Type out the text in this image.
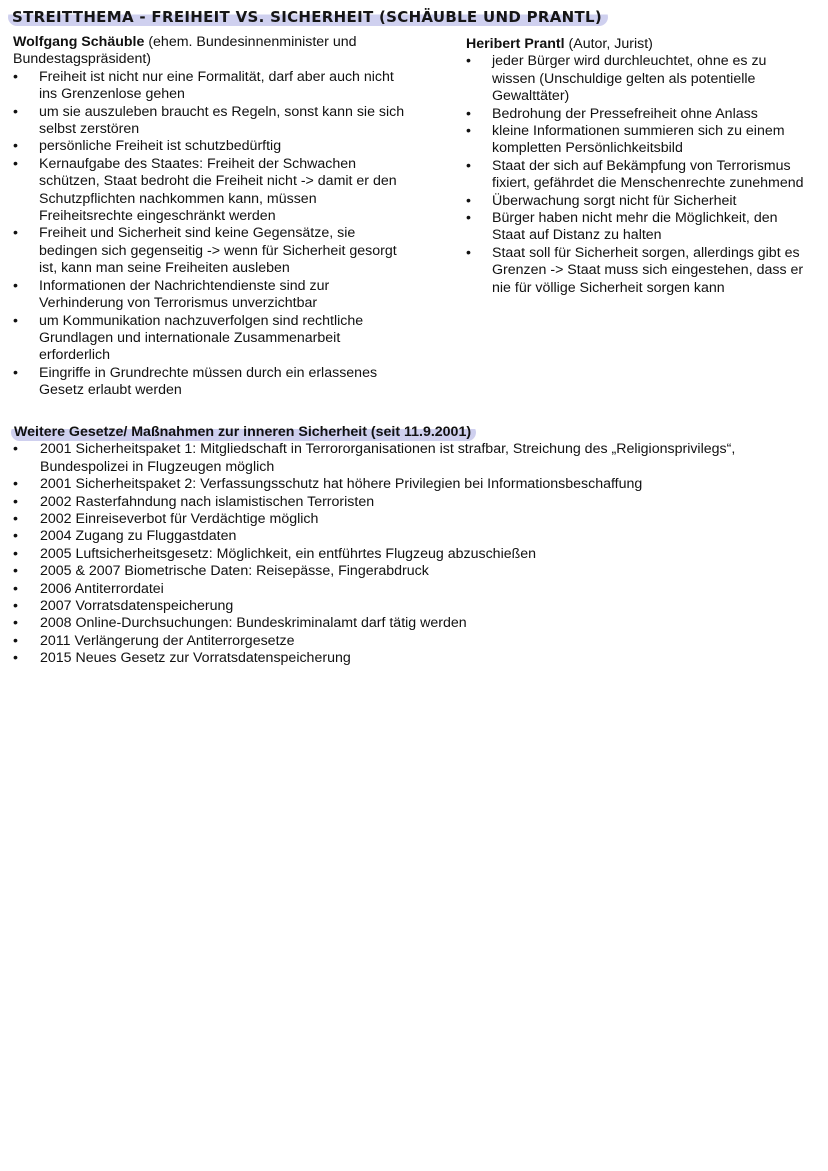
STREITTHEMA - FREIHEIT VS. SICHERHEIT (SCHÄUBLE UND PRANTL)
Wolfgang Schäuble (ehem. Bundesinnenminister und Bundestagspräsident)
• Freiheit ist nicht nur eine Formalität, darf aber auch nicht ins Grenzenlose gehen
• um sie auszuleben braucht es Regeln, sonst kann sie sich selbst zerstören
• persönliche Freiheit ist schutzbedürftig
• Kernaufgabe des Staates: Freiheit der Schwachen schützen, Staat bedroht die Freiheit nicht -> damit er den Schutzpflichten nachkommen kann, müssen Freiheitsrechte eingeschränkt werden
• Freiheit und Sicherheit sind keine Gegensätze, sie bedingen sich gegenseitig -> wenn für Sicherheit gesorgt ist, kann man seine Freiheiten ausleben
• Informationen der Nachrichtendienste sind zur Verhinderung von Terrorismus unverzichtbar
• um Kommunikation nachzuverfolgen sind rechtliche Grundlagen und internationale Zusammenarbeit erforderlich
• Eingriffe in Grundrechte müssen durch ein erlassenes Gesetz erlaubt werden
Heribert Prantl (Autor, Jurist)
• jeder Bürger wird durchleuchtet, ohne es zu wissen (Unschuldige gelten als potentielle Gewalttäter)
• Bedrohung der Pressefreiheit ohne Anlass
• kleine Informationen summieren sich zu einem kompletten Persönlichkeitsbild
• Staat der sich auf Bekämpfung von Terrorismus fixiert, gefährdet die Menschenrechte zunehmend
• Überwachung sorgt nicht für Sicherheit
• Bürger haben nicht mehr die Möglichkeit, den Staat auf Distanz zu halten
• Staat soll für Sicherheit sorgen, allerdings gibt es Grenzen -> Staat muss sich eingestehen, dass er nie für völlige Sicherheit sorgen kann
Weitere Gesetze/ Maßnahmen zur inneren Sicherheit (seit 11.9.2001)
• 2001 Sicherheitspaket 1: Mitgliedschaft in Terrororganisationen ist strafbar, Streichung des „Religionsprivilegs“, Bundespolizei in Flugzeugen möglich
• 2001 Sicherheitspaket 2: Verfassungsschutz hat höhere Privilegien bei Informationsbeschaffung
• 2002 Rasterfahndung nach islamistischen Terroristen
• 2002 Einreiseverbot für Verdächtige möglich
• 2004 Zugang zu Fluggastdaten
• 2005 Luftsicherheitsgesetz: Möglichkeit, ein entführtes Flugzeug abzuschießen
• 2005 & 2007 Biometrische Daten: Reisepässe, Fingerabdruck
• 2006 Antiterrordatei
• 2007 Vorratsdatenspeicherung
• 2008 Online-Durchsuchungen: Bundeskriminalamt darf tätig werden
• 2011 Verlängerung der Antiterrorgesetze
• 2015 Neues Gesetz zur Vorratsdatenspeicherung
